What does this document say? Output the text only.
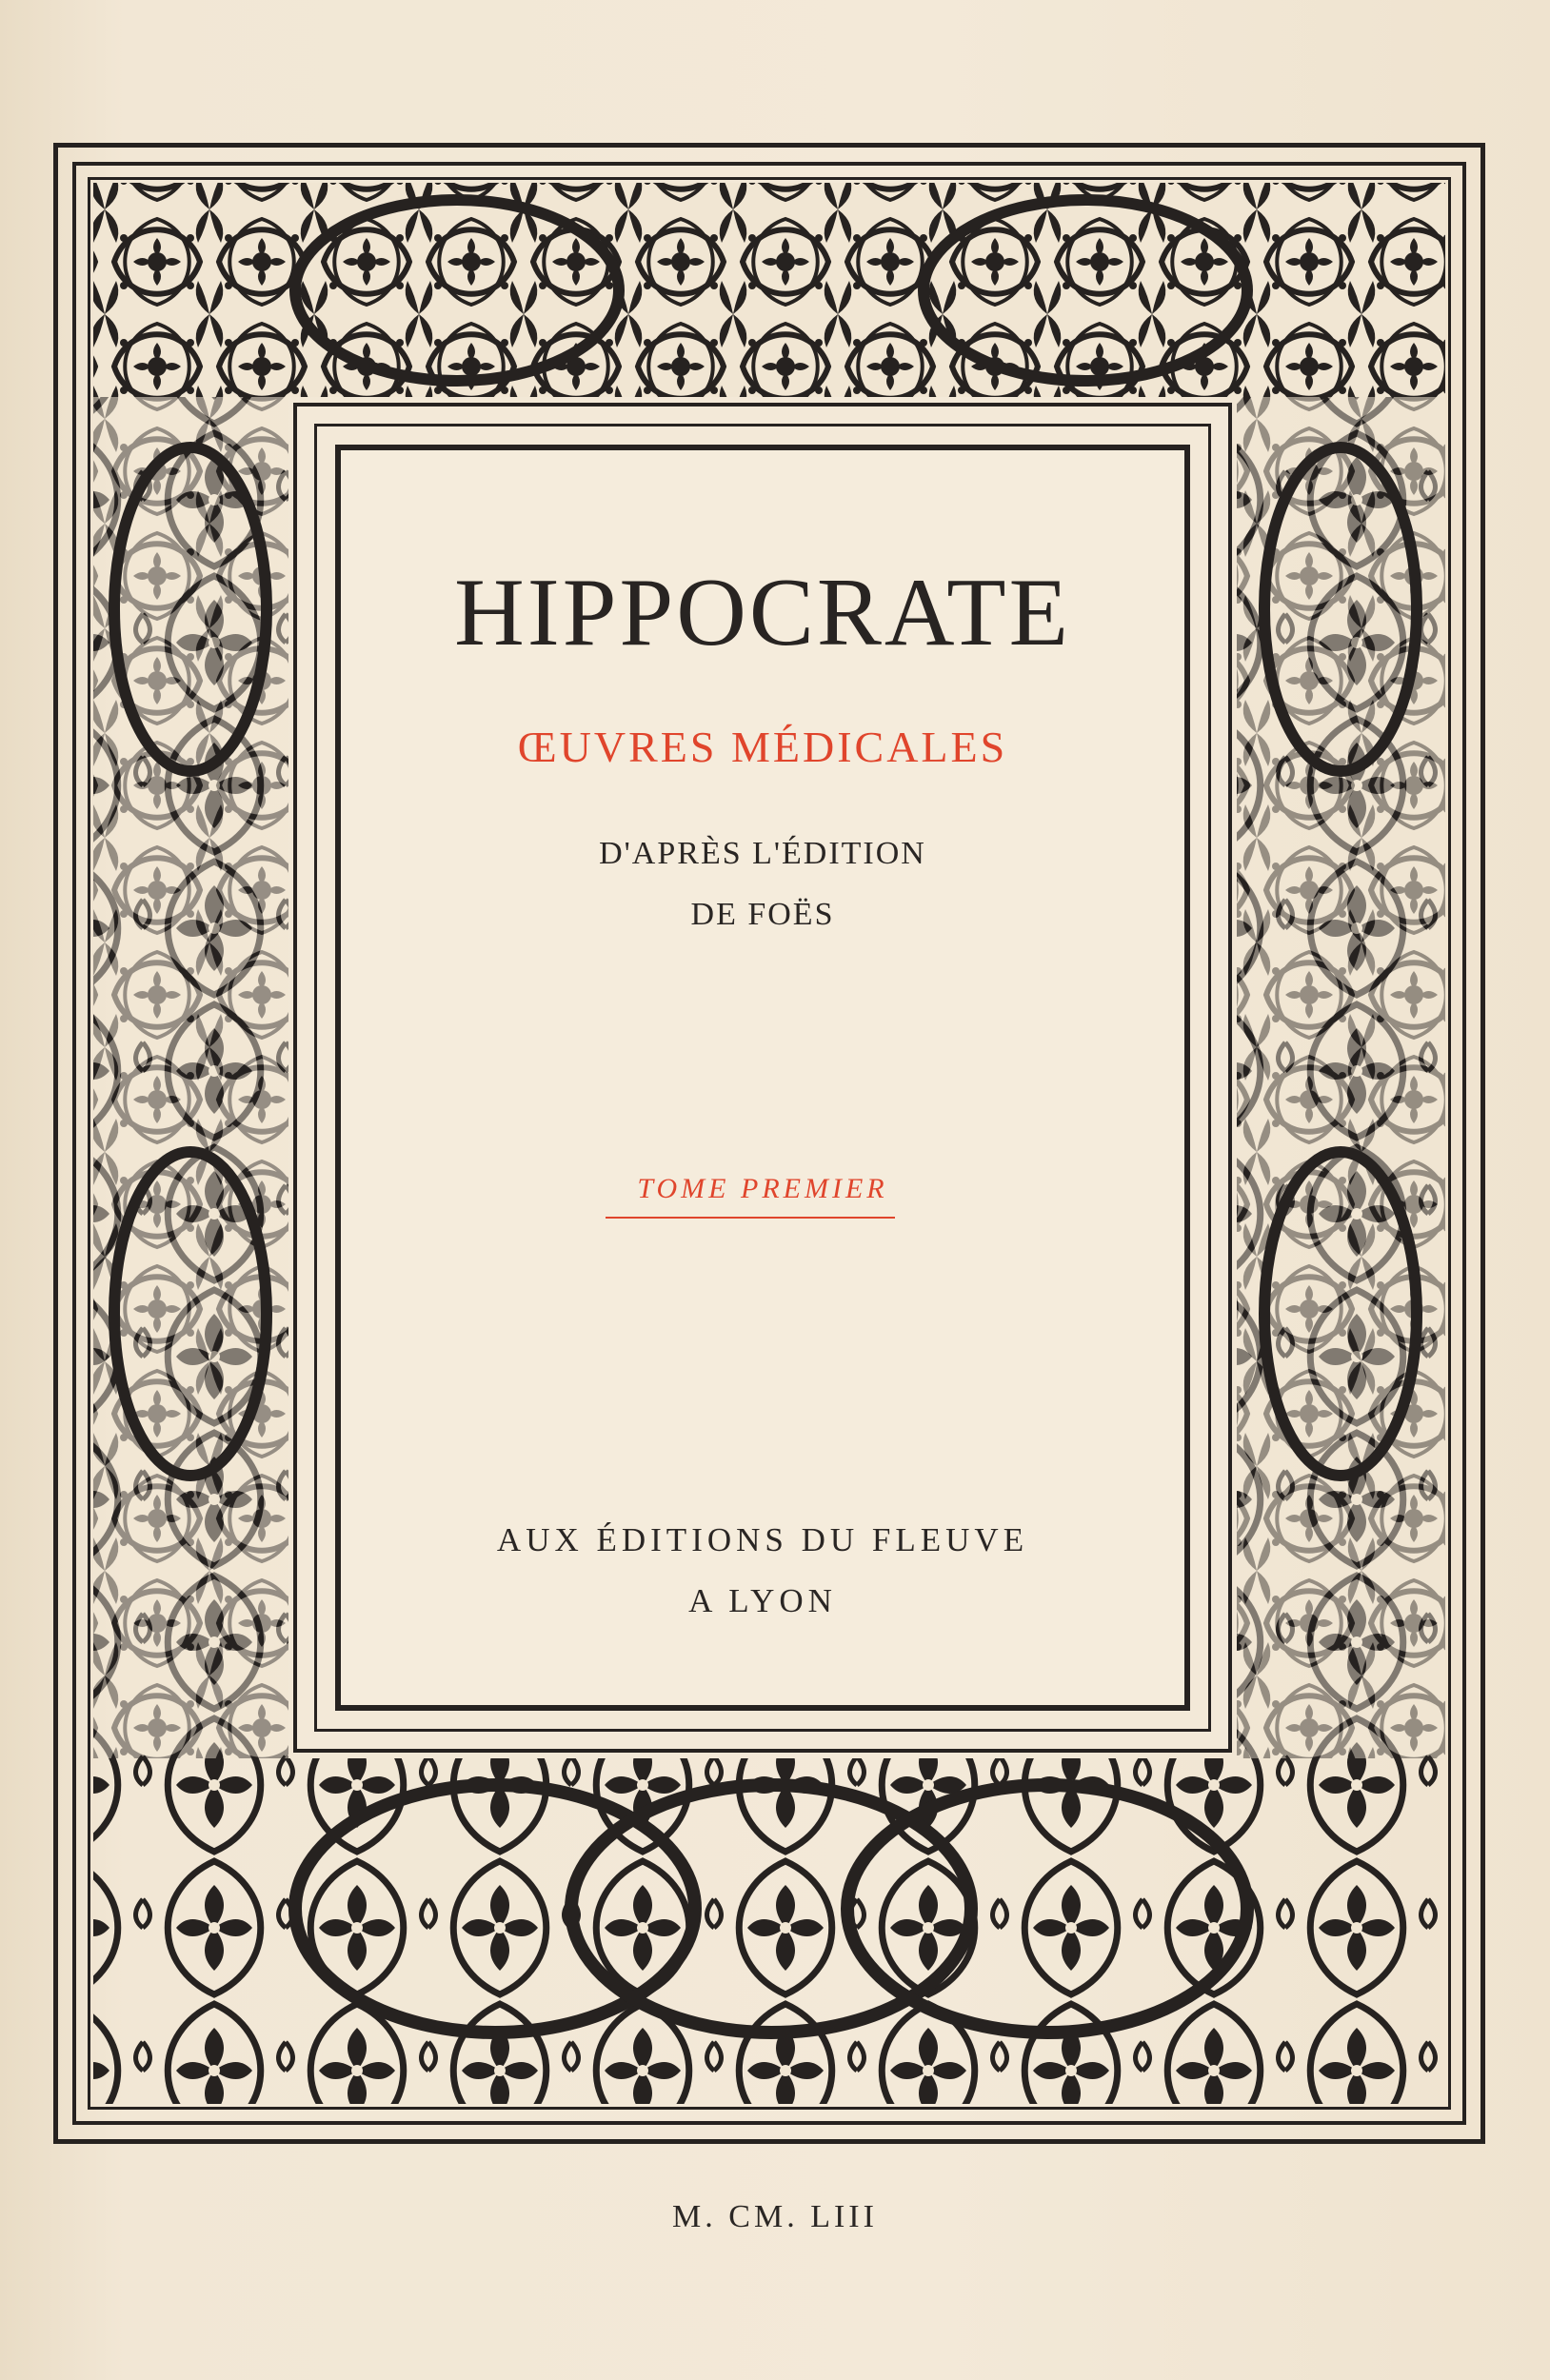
HIPPOCRATE
ŒUVRES MÉDICALES
D'APRÈS L'ÉDITION
DE FOËS
TOME PREMIER
AUX ÉDITIONS DU FLEUVE
A LYON
M. CM. LIII
